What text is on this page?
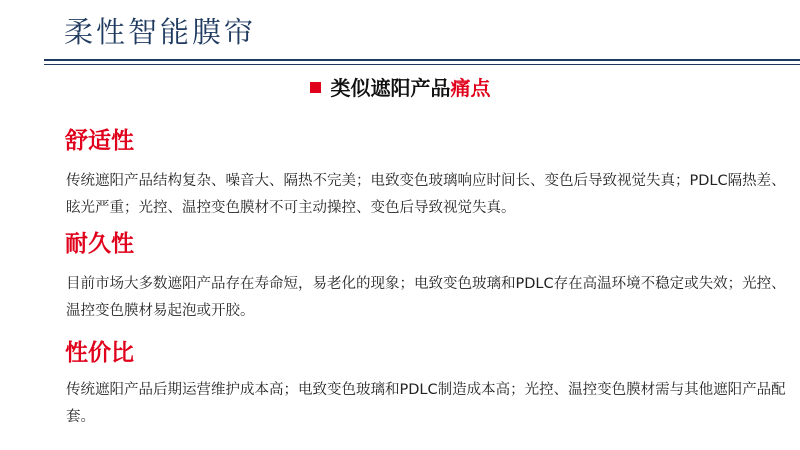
柔性智能膜帘
类似遮阳产品痛点
舒适性
传统遮阳产品结构复杂、噪音大、隔热不完美；电致变色玻璃响应时间长、变色后导致视觉失真；PDLC隔热差、眩光严重；光控、温控变色膜材不可主动操控、变色后导致视觉失真。
耐久性
目前市场大多数遮阳产品存在寿命短，易老化的现象；电致变色玻璃和PDLC存在高温环境不稳定或失效；光控、温控变色膜材易起泡或开胶。
性价比
传统遮阳产品后期运营维护成本高；电致变色玻璃和PDLC制造成本高；光控、温控变色膜材需与其他遮阳产品配套。
